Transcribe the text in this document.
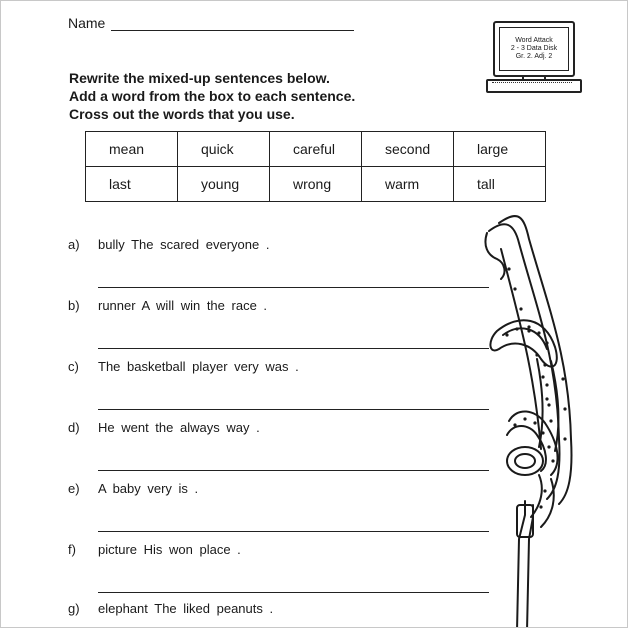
Name
Word Attack
2 - 3 Data Disk
Gr. 2. Adj. 2
Rewrite the mixed-up sentences below.
Add a word from the box to each sentence.
Cross out the words that you use.
mean	quick	careful	second	large
last	young	wrong	warm	tall
a) bully The scared everyone .
b) runner A will win the race .
c) The basketball player very was .
d) He went the always way .
e) A baby very is .
f) picture His won place .
g) elephant The liked peanuts .
